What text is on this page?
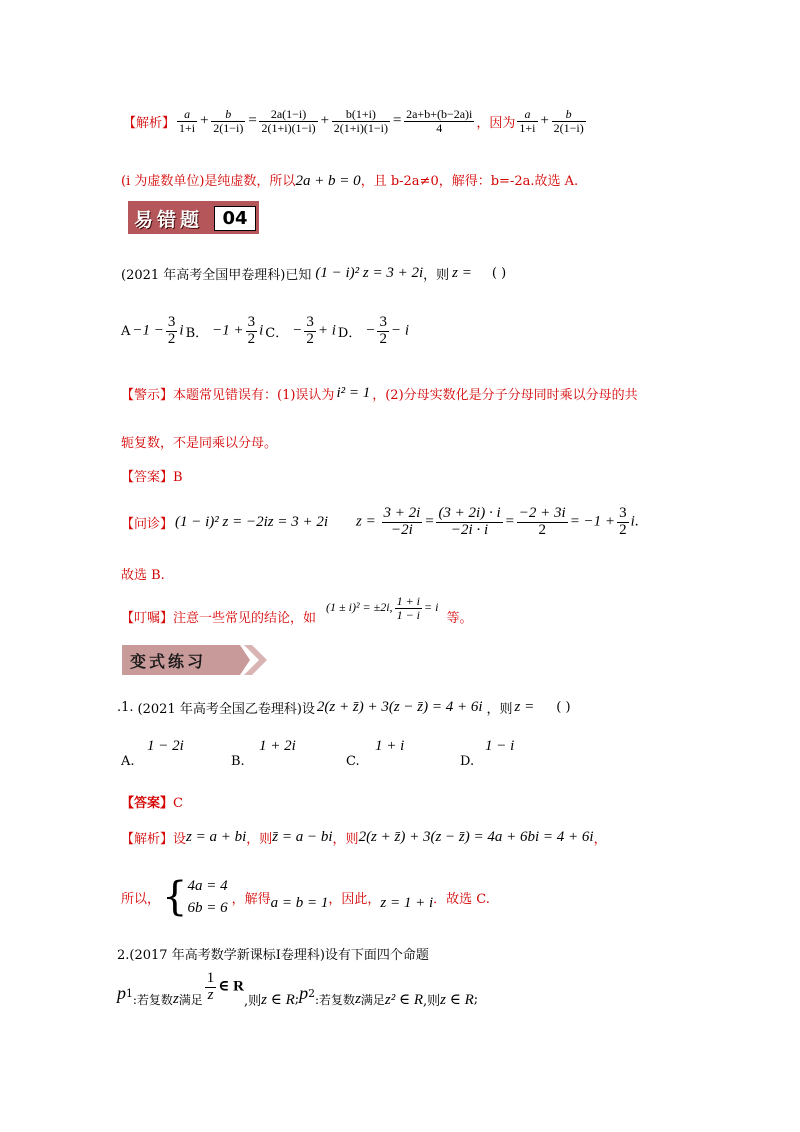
【解析】 $\frac{a}{1+i} + \frac{b}{2(1-i)} = \frac{2a(1-i)}{2(1+i)(1-i)} + \frac{b(1+i)}{2(1+i)(1-i)} = \frac{2a+b+(b-2a)i}{4}$ ，因为 $\frac{a}{1+i} + \frac{b}{2(1-i)}$
(i 为虚数单位)是纯虚数，所以2a + b = 0，且 b-2a≠0，解得：b=-2a.故选 A.
易错题	04
(2021 年高考全国甲卷理科)已知 (1 − i)² z = 3 + 2i ，则 z = ( )
$A -1 - \frac{3}{2}$ i B． $-1 + \frac{3}{2}$ i C． − $\frac{3}{2} + i$ D． − $\frac{3}{2} - i$
【警示】 本题常见错误有：(1)误认为 i² = 1 ，(2)分母实数化是分子分母同时乘以分母的共
轭复数，不是同乘以分母。
【答案】B
【问诊】 (1 − i)² z = −2iz = 3 + 2i $z = \frac{3 + 2i}{-2i} = \frac{(3 + 2i) \cdot i}{-2i \cdot i} = \frac{-2 + 3i}{2} = -1 + \frac{3}{2} i$.
故选 B.
【叮嘱】 注意一些常见的结论，如
(1 ± i)² = ±2i, $\frac{1 + i}{1 - i} = i$
等。
变式练习
.1. (2021 年高考全国乙卷理科)设 2(z + z̄) + 3(z − z̄) = 4 + 6i ，则 z = ( )
A.
1 − 2i
B.
1 + 2i
C.
1 + i
D.
1 − i
【答案】C
【解析】 设 z = a + bi ，则 z̄ = a − bi ，则 2(z + z̄) + 3(z − z̄) = 4a + 6bi = 4 + 6i ，
所以， { 4a = 4
6b = 6
，解得 a = b = 1 ，因此， z = 1 + i ．故选 C.
2.(2017 年高考数学新课标Ⅰ卷理科)设有下面四个命题
p 1 :若复数 z 满足 $\frac{1}{z}$ ∈ R
,则 z ∈ R ; p 2 :若复数 z 满足 z² ∈ R ,则 z ∈ R ;
